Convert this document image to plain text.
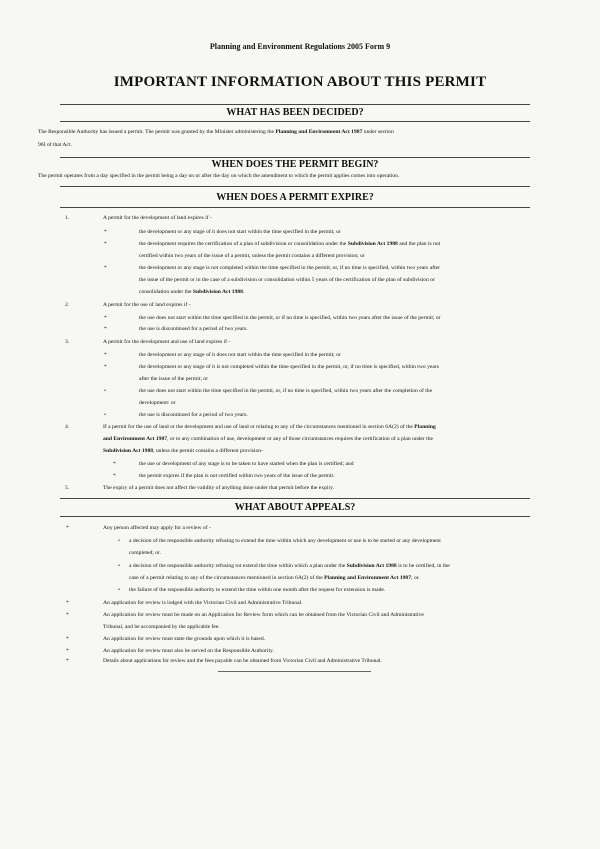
Planning and Environment Regulations 2005 Form 9
IMPORTANT INFORMATION ABOUT THIS PERMIT
WHAT HAS BEEN DECIDED?
The Responsible Authority has issued a permit. The permit was granted by the Minister administering the Planning and Environment Act 1987 under section
96I of that Act.
WHEN DOES THE PERMIT BEGIN?
The permit operates from a day specified in the permit being a day on or after the day on which the amendment to which the permit applies comes into operation.
WHEN DOES A PERMIT EXPIRE?
1.	A permit for the development of land expires if -
*	the development or any stage of it does not start within the time specified in the permit; or
*	the development requires the certification of a plan of subdivision or consolidation under the Subdivision Act 1988 and the plan is not
certified within two years of the issue of a permit, unless the permit contains a different provision; or
*	the development or any stage is not completed within the time specified in the permit, or, if no time is specified, within two years after
the issue of the permit or in the case of a subdivision or consolidation within 5 years of the certification of the plan of subdivision or
consolidation under the Subdivision Act 1988.
2.	A permit for the use of land expires if -
*	the use does not start within the time specified in the permit, or if no time is specified, within two years after the issue of the permit; or
*	the use is discontinued for a period of two years.
3.	A permit for the development and use of land expires if -
*	the development or any stage of it does not start within the time specified in the permit; or
*	the development or any stage of it is not completed within the time specified in the permit, or, if no time is specified, within two years
after the issue of the permit; or
•	the use does not start within the time specified in the permit, or, if no time is specified, within two years after the completion of the
development: or
•	the use is discontinued for a period of two years.
4.	If a permit for the use of land or the development and use of land or relating to any of the circumstances mentioned in section 6A(2) of the Planning
and Environment Act 1987, or to any combination of use, development or any of those circumstances requires the certification of a plan under the
Subdivision Act 1988, unless the permit contains a different provision-
*	the use or development of any stage is to be taken to have started when the plan is certified; and
*	the permit expires if the plan is not certified within two years of the issue of the permit.
5.	The expiry of a permit does not affect the validity of anything done under that permit before the expiry.
WHAT ABOUT APPEALS?
*	Any person affected may apply for a review of -
• a decision of the responsible authority refusing to extend the time within which any development or use is to be started or any development
completed; or.
• a decision of the responsible authority refusing tot extend the time within which a plan under the Subdivision Act 1988 is to be certified, in the
case of a permit relating to any of the circumstances mentioned in section 6A(2) of the Planning and Environment Act 1987; or.
• the failure of the responsible authority to extend the time within one month after the request for extension is made.
*	An application for review is lodged with the Victorian Civil and Administrative Tribunal.
*	An application for review must be made on an Application for Review form which can be obtained from the Victorian Civil and Administrative
Tribunal, and be accompanied by the applicable fee.
*	An application for review must state the grounds upon which it is based.
*	An application for review must also be served on the Responsible Authority.
*	Details about applications for review and the fees payable can be obtained from Victorian Civil and Administrative Tribunal.
